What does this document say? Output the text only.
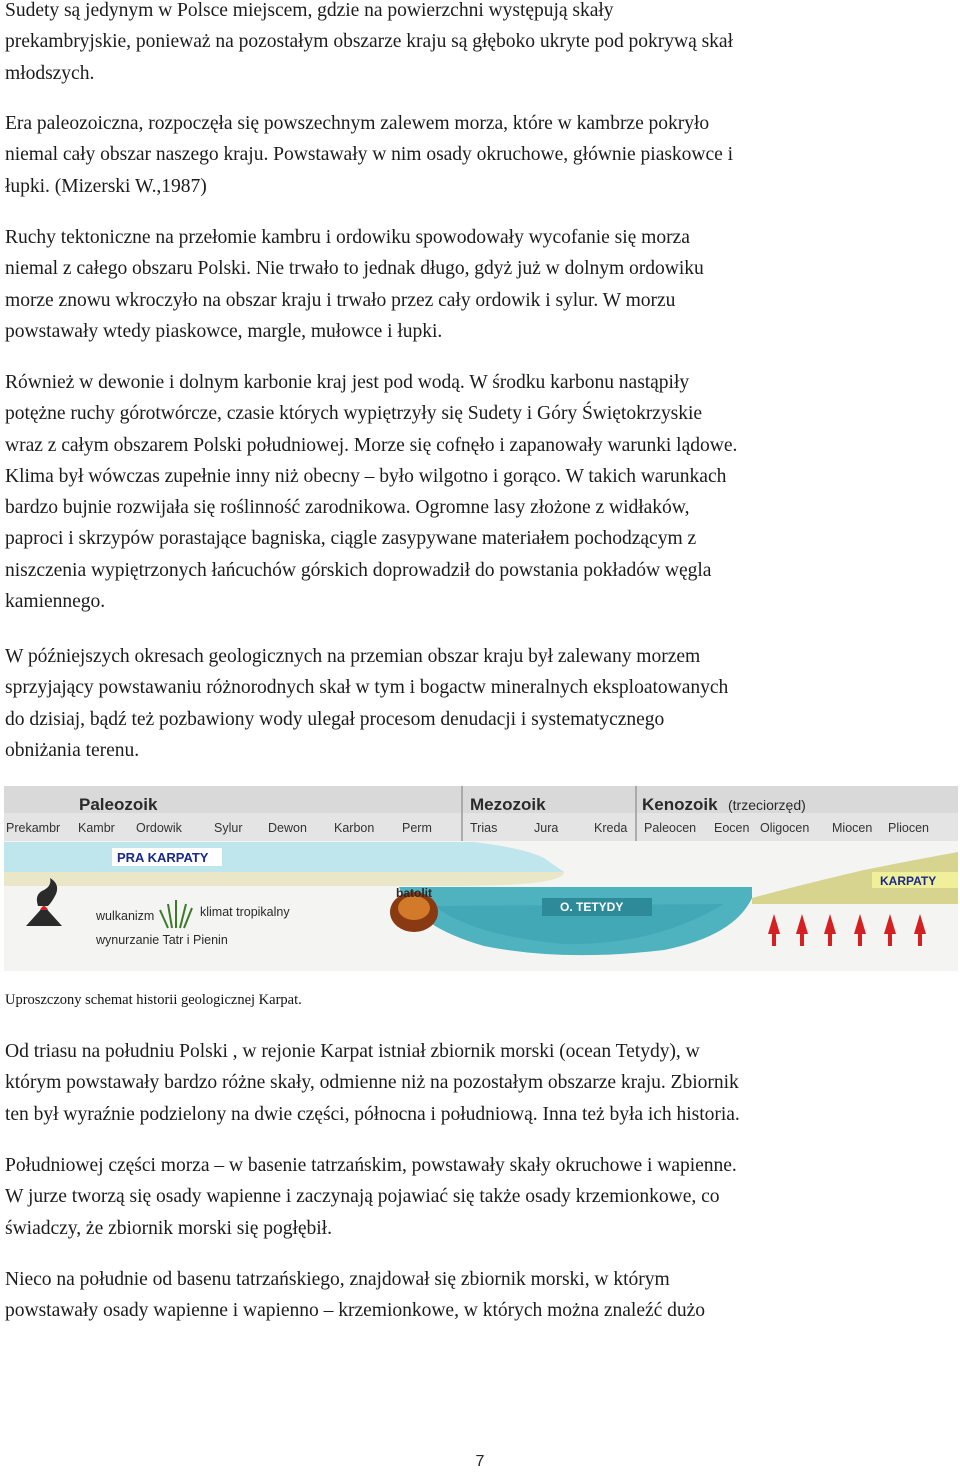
Sudety są jedynym w Polsce miejscem, gdzie na powierzchni występują skały
prekambryjskie, ponieważ na pozostałym obszarze kraju są głęboko ukryte pod pokrywą skał
młodszych.
Era paleozoiczna, rozpoczęła się powszechnym zalewem morza, które w kambrze pokryło
niemal cały obszar naszego kraju. Powstawały w nim osady okruchowe, głównie piaskowce i
łupki. (Mizerski W.,1987)
Ruchy tektoniczne na przełomie kambru i ordowiku spowodowały wycofanie się morza
niemal z całego obszaru Polski. Nie trwało to jednak długo, gdyż już w dolnym ordowiku
morze znowu wkroczyło na obszar kraju i trwało przez cały ordowik i sylur. W morzu
powstawały wtedy piaskowce, margle, mułowce i łupki.
Również w dewonie i dolnym karbonie kraj jest pod wodą. W środku karbonu nastąpiły
potężne ruchy górotwórcze, czasie których wypiętrzyły się Sudety i Góry Świętokrzyskie
wraz z całym obszarem Polski południowej. Morze się cofnęło i zapanowały warunki lądowe.
Klima był wówczas zupełnie inny niż obecny – było wilgotno i gorąco. W takich warunkach
bardzo bujnie rozwijała się roślinność zarodnikowa. Ogromne lasy złożone z widłaków,
paproci i skrzypów porastające bagniska, ciągle zasypywane materiałem pochodzącym z
niszczenia wypiętrzonych łańcuchów górskich doprowadził do powstania pokładów węgla
kamiennego.
W późniejszych okresach geologicznych na przemian obszar kraju był zalewany morzem
sprzyjający powstawaniu różnorodnych skał w tym i bogactw mineralnych eksploatowanych
do dzisiaj, bądź też pozbawiony wody ulegał procesom denudacji i systematycznego
obniżania terenu.
Paleozoik	Mezozoik	Kenozoik (trzeciorzęd)
Prekambr Kambr Ordowik	Sylur Dewon Karbon Perm	Trias	Jura	Kreda Paleocen Eocen Oligocen Miocen Pliocen
PRA KARPATY
O. TETYDY
KARPATY
batolit
wulkanizm	klimat tropikalny
wynurzanie Tatr i Pienin

Uproszczony schemat historii geologicznej Karpat.

Od triasu na południu Polski , w rejonie Karpat istniał zbiornik morski (ocean Tetydy), w
którym powstawały bardzo różne skały, odmienne niż na pozostałym obszarze kraju. Zbiornik
ten był wyraźnie podzielony na dwie części, północna i południową. Inna też była ich historia.
Południowej części morza – w basenie tatrzańskim, powstawały skały okruchowe i wapienne.
W jurze tworzą się osady wapienne i zaczynają pojawiać się także osady krzemionkowe, co
świadczy, że zbiornik morski się pogłębił.
Nieco na południe od basenu tatrzańskiego, znajdował się zbiornik morski, w którym
powstawały osady wapienne i wapienno – krzemionkowe, w których można znaleźć dużo
7
